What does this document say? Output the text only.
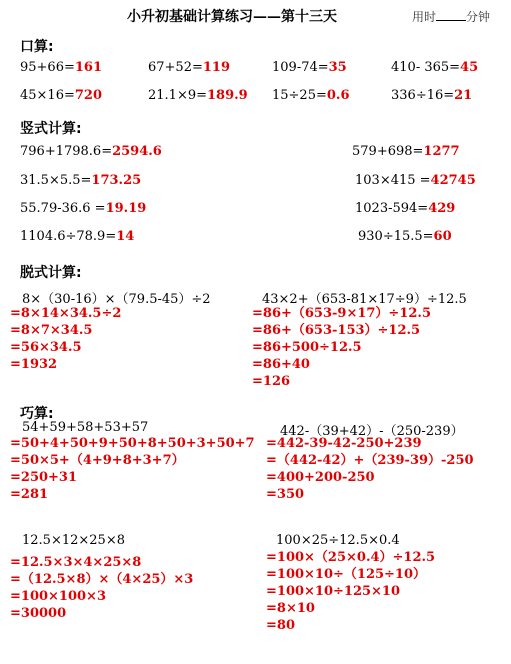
小升初基础计算练习——第十三天	用时	分钟
口算:
95+66=161	67+52=119	109-74=35	410- 365=45
45×16=720	21.1×9=189.9 15÷25=0.6	336÷16=21
竖式计算:
796+1798.6=2594.6	579+698=1277
31.5×5.5=173.25	103×415 =42745
55.79-36.6 =19.19	1023-594=429
1104.6÷78.9=14	930÷15.5=60
脱式计算:
8×（30-16）×（79.5-45）÷2
=8×14×34.5÷2
=8×7×34.5
=56×34.5
=1932
43×2+（653-81×17÷9）÷12.5
=86+（653-9×17）÷12.5
=86+（653-153）÷12.5
=86+500÷12.5
=86+40
=126
巧算:
54+59+58+53+57
=50+4+50+9+50+8+50+3+50+7
=50×5+（4+9+8+3+7）
=250+31
=281
442-（39+42）-（250-239）
=442-39-42-250+239
=（442-42）+（239-39）-250
=400+200-250
=350
12.5×12×25×8
=12.5×3×4×25×8
=（12.5×8）×（4×25）×3
=100×100×3
=30000
100×25÷12.5×0.4
=100×（25×0.4）÷12.5
=100×10÷（125÷10）
=100×10÷125×10
=8×10
=80
